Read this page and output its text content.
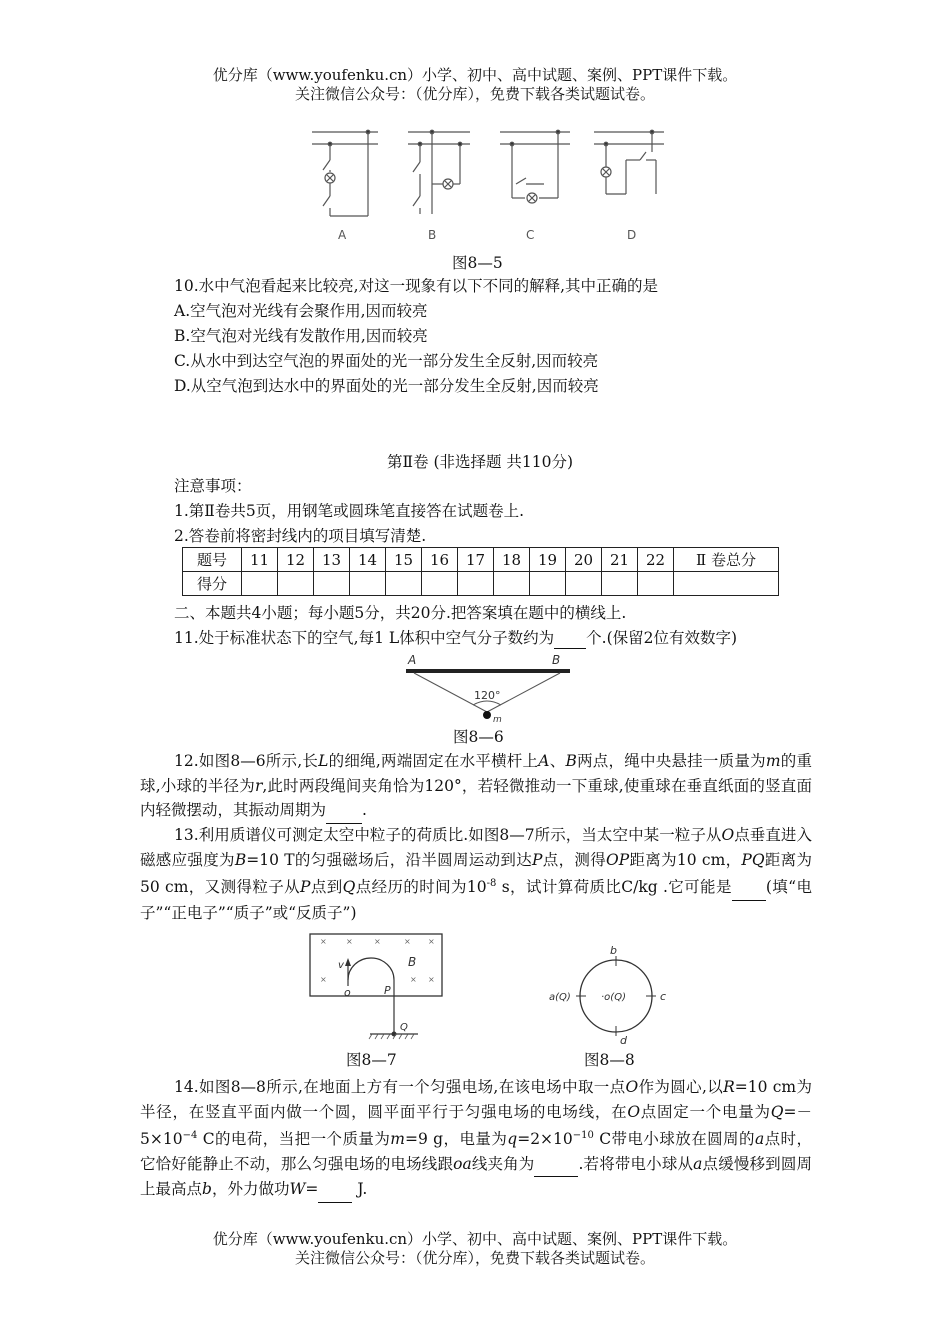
优分库（www.youfenku.cn）小学、初中、高中试题、案例、PPT课件下载。
关注微信公众号：（优分库），免费下载各类试题试卷。
A	B	C	D
图8—5
10.水中气泡看起来比较亮,对这一现象有以下不同的解释,其中正确的是
A.空气泡对光线有会聚作用,因而较亮
B.空气泡对光线有发散作用,因而较亮
C.从水中到达空气泡的界面处的光一部分发生全反射,因而较亮
D.从空气泡到达水中的界面处的光一部分发生全反射,因而较亮
第Ⅱ卷 (非选择题 共110分)
注意事项：
1.第Ⅱ卷共5页，用钢笔或圆珠笔直接答在试题卷上.
2.答卷前将密封线内的项目填写清楚.
题号	11	12	13	14	15	16	17	18	19	20	21	22	Ⅱ 卷总分
得分													
二、本题共4小题；每小题5分，共20分.把答案填在题中的横线上.
11.处于标准状态下的空气,每1 L体积中空气分子数约为 个.(保留2位有效数字)
A	B
120°
m
图8—6
12.如图8—6所示,长L的细绳,两端固定在水平横杆上A、B两点，绳中央悬挂一质量为m的重球,小球的半径为r,此时两段绳间夹角恰为120°，若轻微推动一下重球,使重球在垂直纸面的竖直面内轻微摆动，其振动周期为 .
13.利用质谱仪可测定太空中粒子的荷质比.如图8—7所示，当太空中某一粒子从O点垂直进入磁感应强度为B=10 T的匀强磁场后，沿半圆周运动到达P点，测得OP距离为10 cm，PQ距离为50 cm，又测得粒子从P点到Q点经历的时间为$10^{-8}$ s，试计算荷质比C/kg .它可能是 (填“电子”“正电子”“质子”或“反质子”)
× ×	×	× ×
×	× ×
v
o	P
B
Q
图8—7
b
a(Q)	·o(Q)	c
d
图8—8
14.如图8—8所示,在地面上方有一个匀强电场,在该电场中取一点O作为圆心,以R=10 cm为半径，在竖直平面内做一个圆，圆平面平行于匀强电场的电场线，在O点固定一个电量为$Q=-5\times 10^{-4}$ C的电荷，当把一个质量为m=9 g，电量为$q=2\times 10^{-10}$ C带电小球放在圆周的a点时，它恰好能静止不动，那么匀强电场的电场线跟oa线夹角为	.若将带电小球从a点缓慢移到圆周上最高点b，外力做功W=  J.
优分库（www.youfenku.cn）小学、初中、高中试题、案例、PPT课件下载。
关注微信公众号：（优分库），免费下载各类试题试卷。
